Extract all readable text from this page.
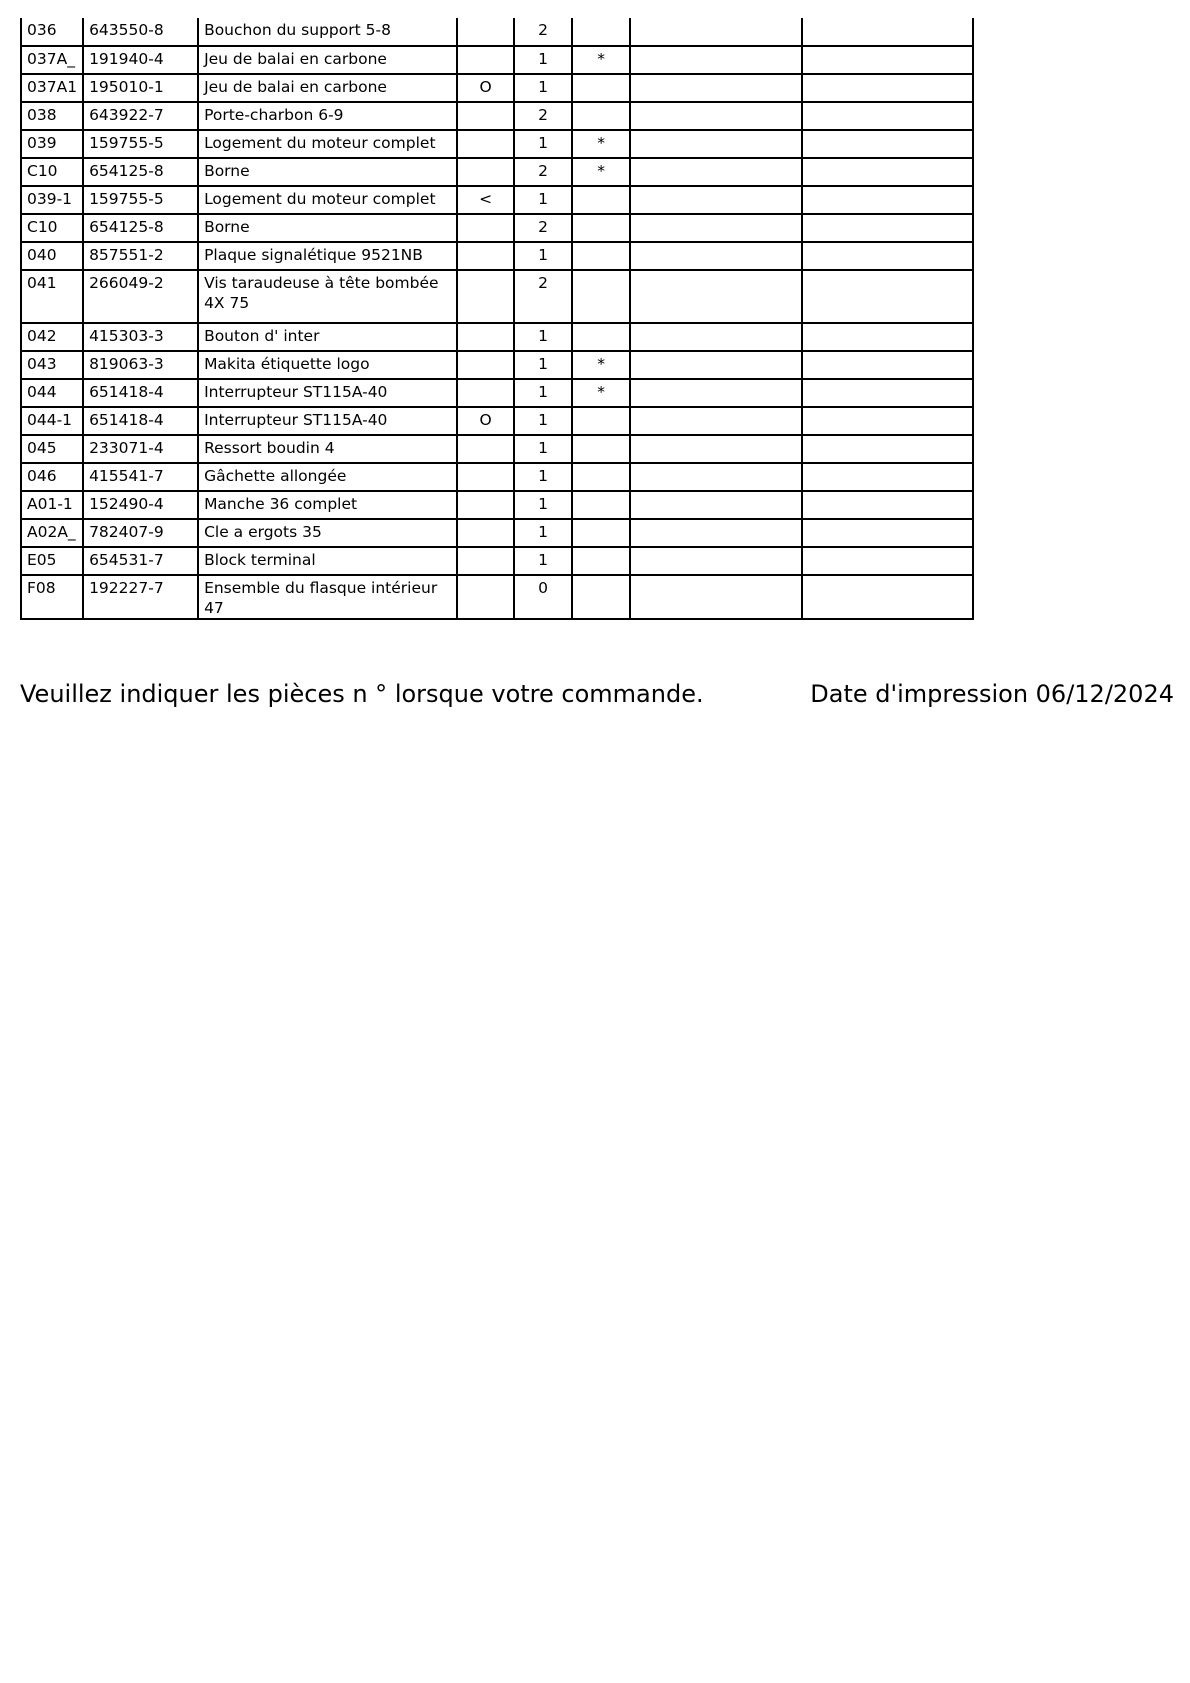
036	643550-8	Bouchon du support 5-8		2			
037A_	191940-4	Jeu de balai en carbone		1	*		
037A1	195010-1	Jeu de balai en carbone	O	1			
038	643922-7	Porte-charbon 6-9		2			
039	159755-5	Logement du moteur complet		1	*		
C10	654125-8	Borne		2	*		
039-1	159755-5	Logement du moteur complet	<	1			
C10	654125-8	Borne		2			
040	857551-2	Plaque signalétique 9521NB		1			
041	266049-2	Vis taraudeuse à tête bombée 4X 75		2			
042	415303-3	Bouton d' inter		1			
043	819063-3	Makita étiquette logo		1	*		
044	651418-4	Interrupteur ST115A-40		1	*		
044-1	651418-4	Interrupteur ST115A-40	O	1			
045	233071-4	Ressort boudin 4		1			
046	415541-7	Gâchette allongée		1			
A01-1	152490-4	Manche 36 complet		1			
A02A_	782407-9	Cle a ergots 35		1			
E05	654531-7	Block terminal		1			
F08	192227-7	Ensemble du flasque intérieur 47		0			
Veuillez indiquer les pièces n ° lorsque votre commande.	Date d'impression 06/12/2024
